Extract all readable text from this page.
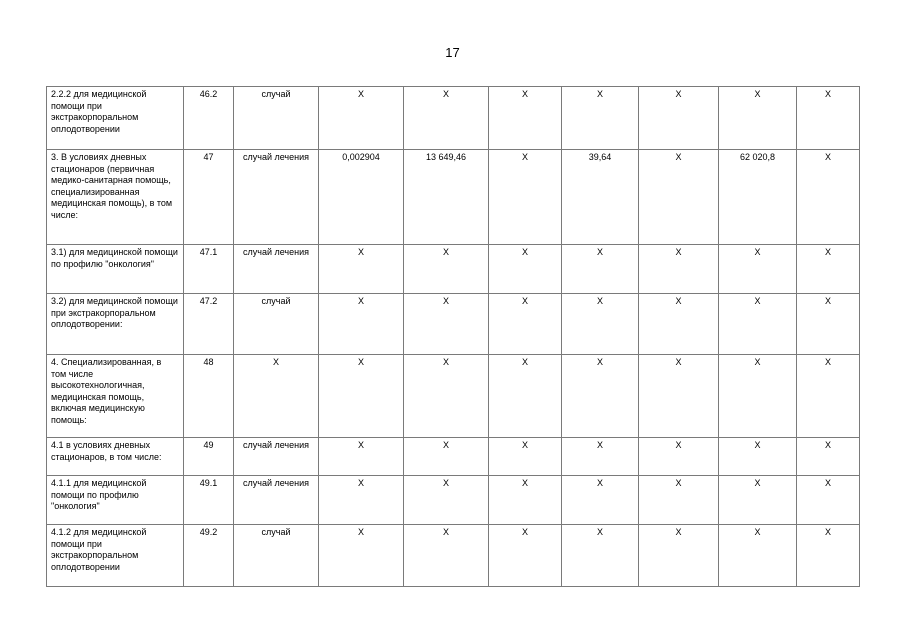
17
2.2.2 для медицинской помощи при экстракорпоральном оплодотворении	46.2	случай	X	X	X	X	X	X	X
3. В условиях дневных стационаров (первичная медико-санитарная помощь, специализированная медицинская помощь), в том числе:	47	случай лечения	0,002904	13 649,46	X	39,64	X	62 020,8	X
3.1) для медицинской помощи по профилю "онкология"	47.1	случай лечения	X	X	X	X	X	X	X
3.2) для медицинской помощи при экстракорпоральном оплодотворении:	47.2	случай	X	X	X	X	X	X	X
4. Специализированная, в том числе высокотехнологичная, медицинская помощь, включая медицинскую помощь:	48	X	X	X	X	X	X	X	X
4.1 в условиях дневных стационаров, в том числе:	49	случай лечения	X	X	X	X	X	X	X
4.1.1 для медицинской помощи по профилю "онкология"	49.1	случай лечения	X	X	X	X	X	X	X
4.1.2 для медицинской помощи при экстракорпоральном оплодотворении	49.2	случай	X	X	X	X	X	X	X
